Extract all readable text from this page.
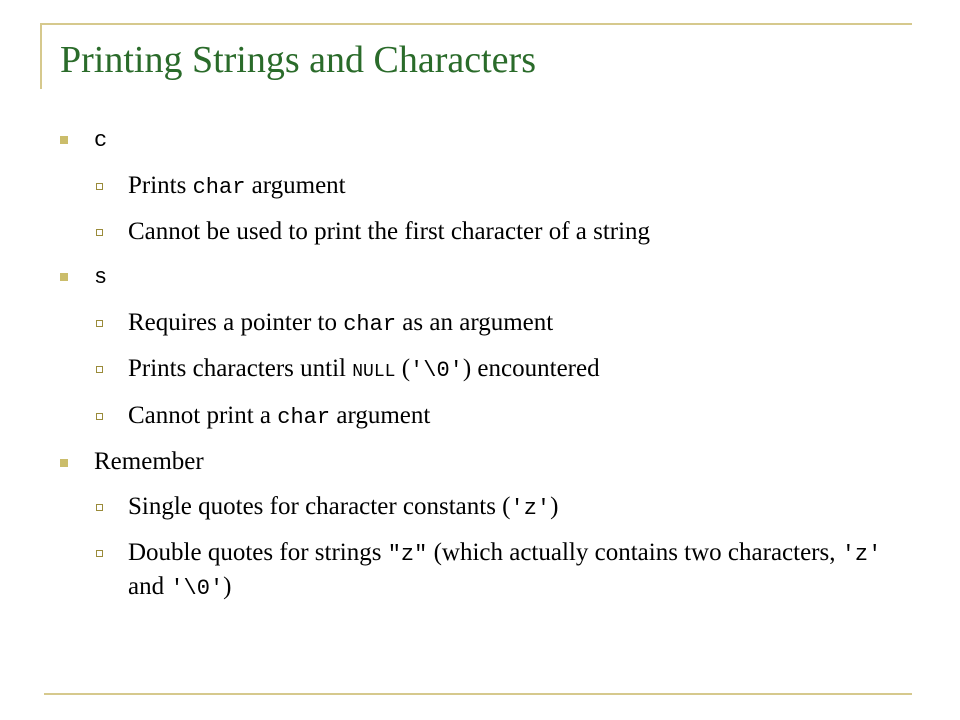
Printing Strings and Characters
c
Prints char argument
Cannot be used to print the first character of a string
s
Requires a pointer to char as an argument
Prints characters until NULL ('\0') encountered
Cannot print a char argument
Remember
Single quotes for character constants ('z')
Double quotes for strings "z" (which actually contains two characters, 'z' and '\0')
